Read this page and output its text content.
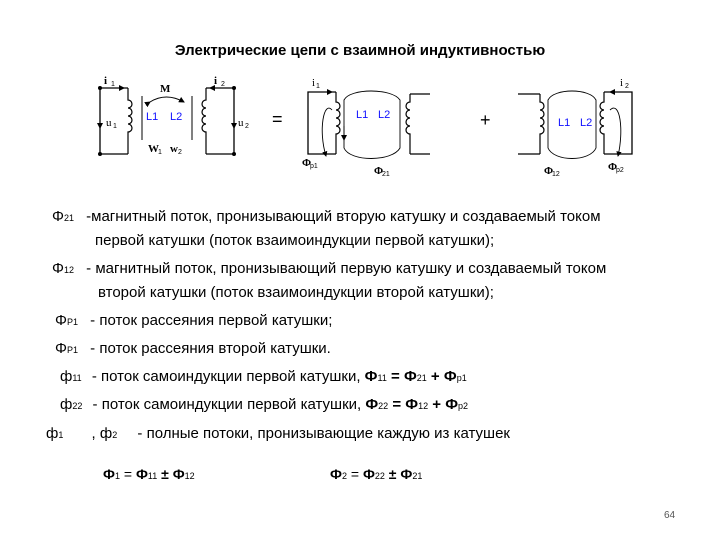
Электрические цепи с взаимной индуктивностью
i 1	i 2
M
L1 L2
u 1	u 2
W 1 w 2
=
i 1
L1 L2
Φ
p1	Φ
21
+
i 2
L1 L2
Φ
12
Φ
p2
Φ21 -магнитный поток, пронизывающий вторую катушку и создаваемый током
первой катушки (поток взаимоиндукции первой катушки);
Φ12 - магнитный поток, пронизывающий первую катушку и создаваемый током
второй катушки (поток взаимоиндукции второй катушки);
ΦP1 - поток рассеяния первой катушки;
ΦP1 - поток рассеяния второй катушки.
ф11 - поток самоиндукции первой катушки, Ф11 = Ф21 + Фp1
ф22 - поток самоиндукции первой катушки, Ф22 = Ф12 + Фp2
ф1 , ф2 - полные потоки, пронизывающие каждую из катушек
Ф1 = Ф11 ± Ф12	Ф2 = Ф22 ± Ф21
64
